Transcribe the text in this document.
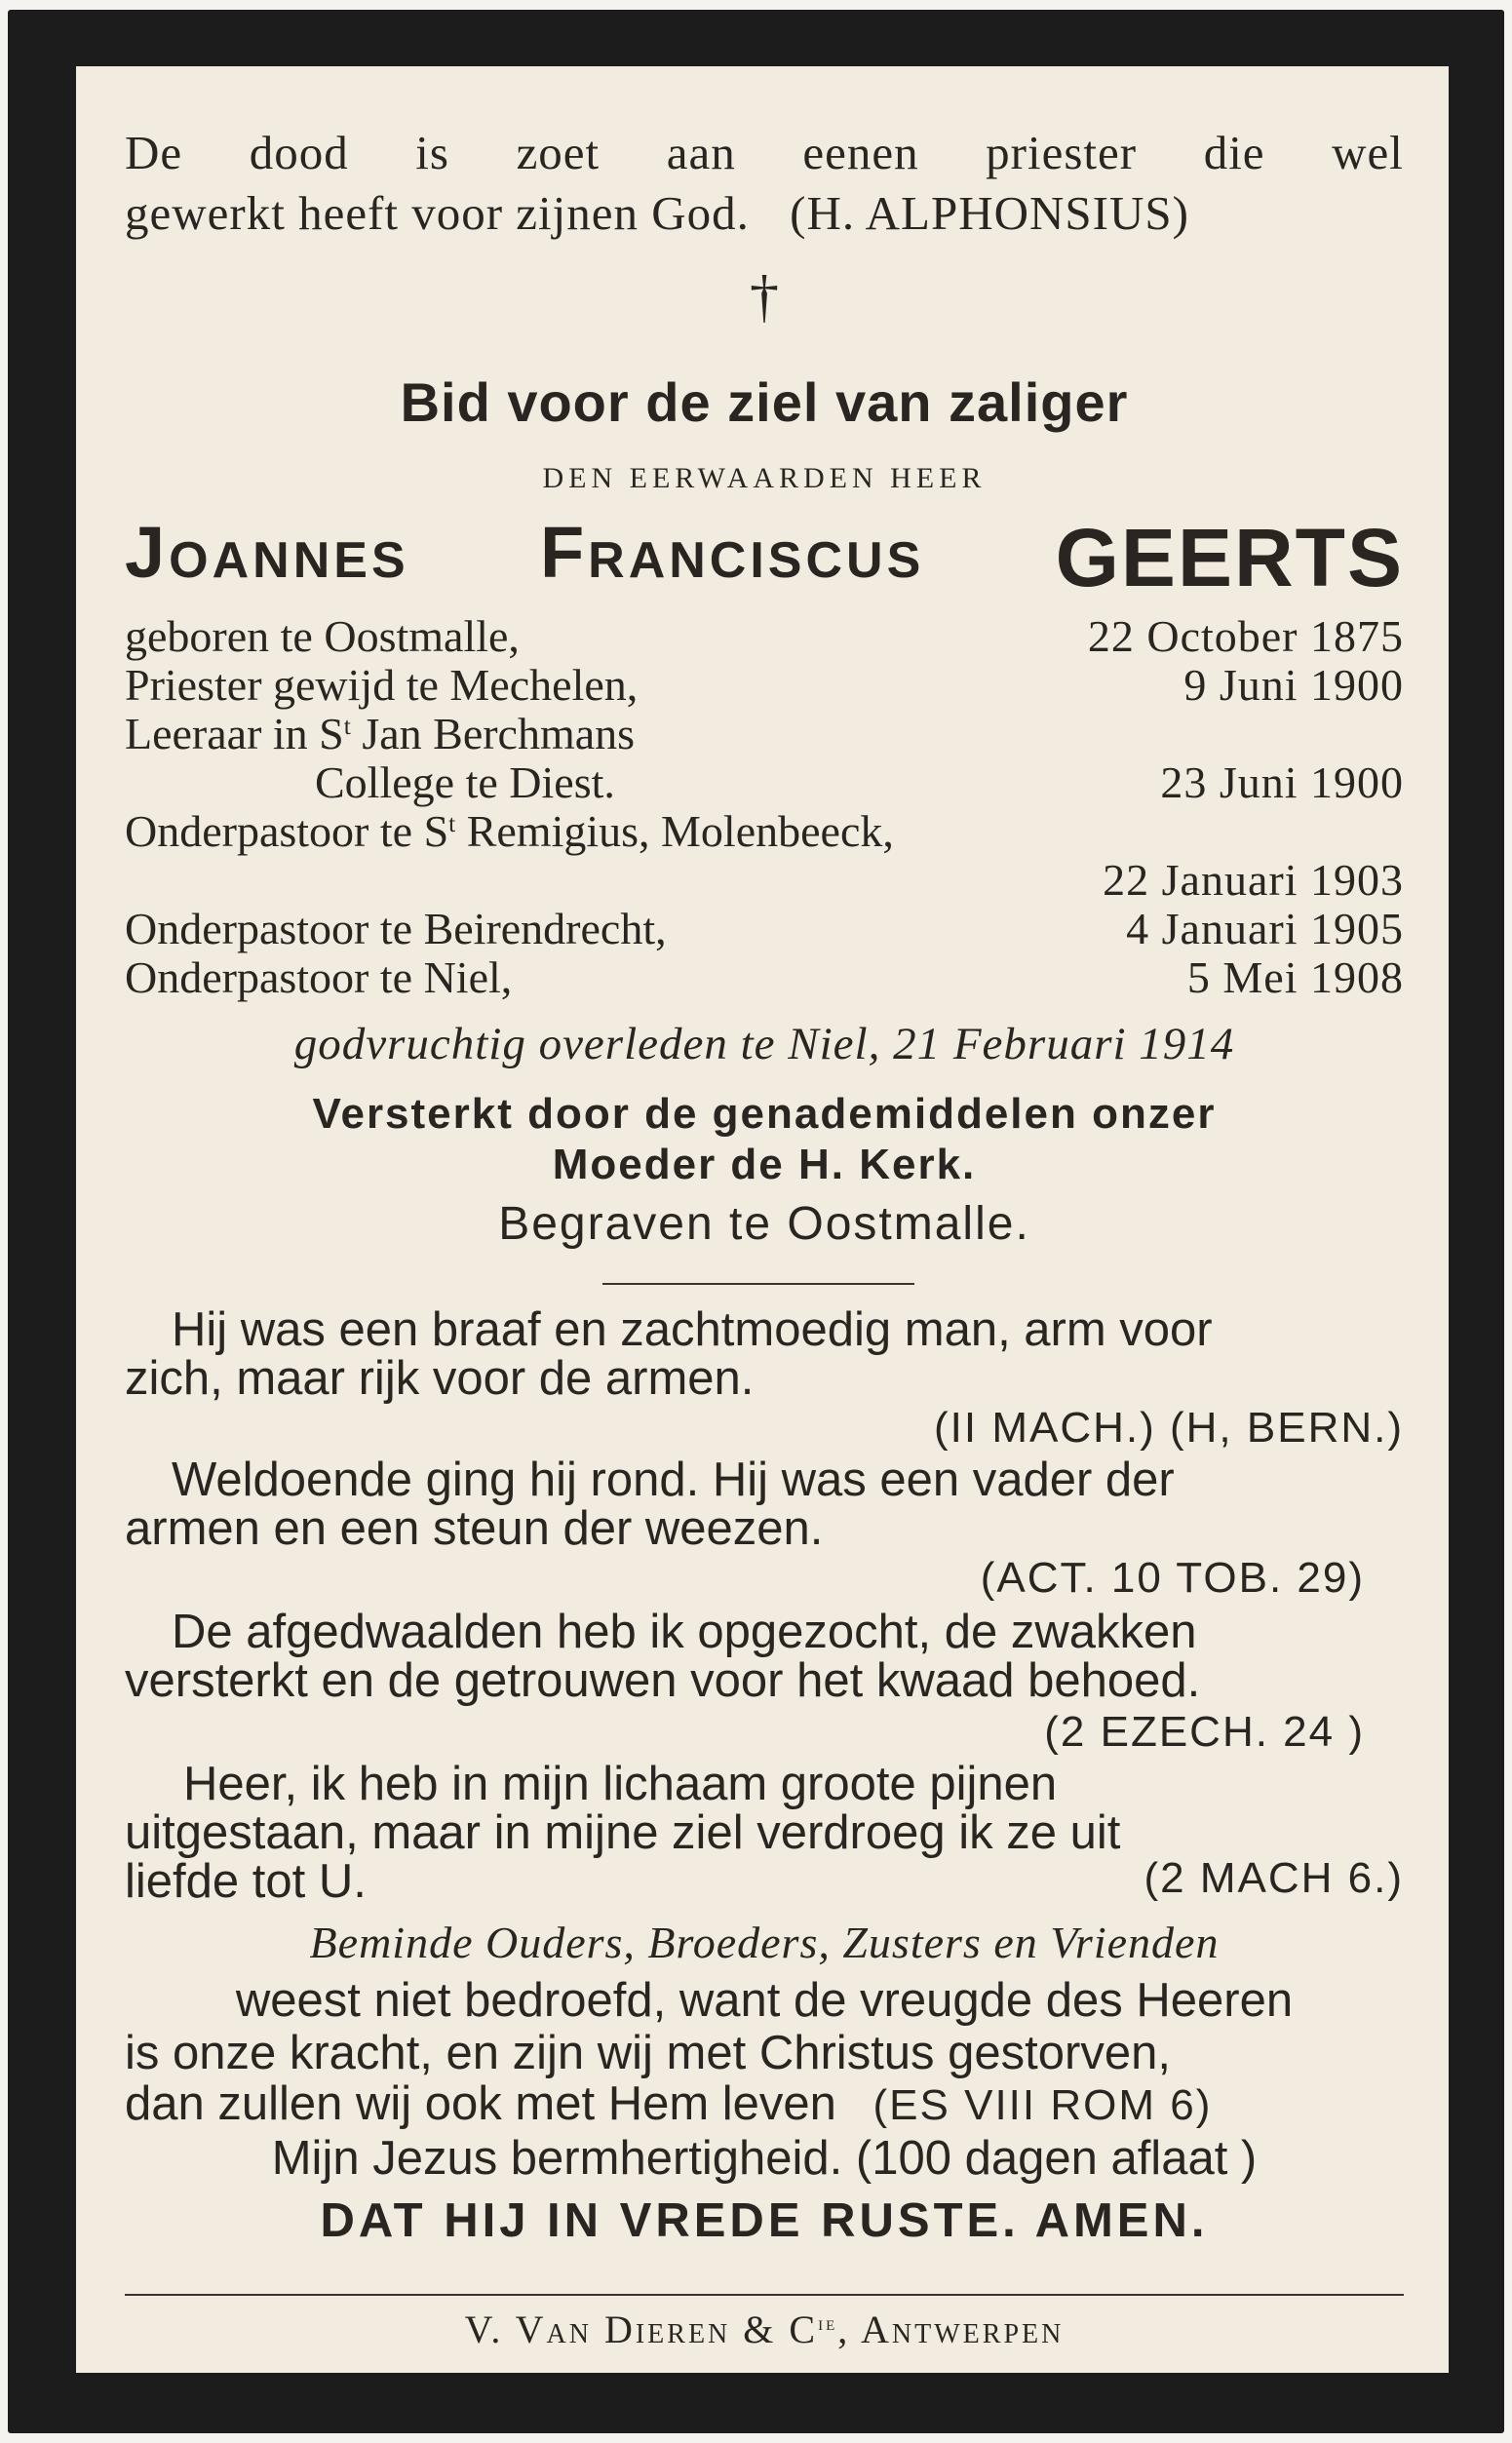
De dood is zoet aan eenen priester die wel
gewerkt heeft voor zijnen God. (H. ALPHONSIUS)
†
Bid voor de ziel van zaliger
DEN EERWAARDEN HEER
Joannes Franciscus GEERTS
geboren te Oostmalle,	22 October 1875
Priester gewijd te Mechelen,	9 Juni 1900
Leeraar in $S^t$ Jan Berchmans
College te Diest.	23 Juni 1900
Onderpastoor te $S^t$ Remigius, Molenbeeck,
22 Januari 1903
Onderpastoor te Beirendrecht,	4 Januari 1905
Onderpastoor te Niel,	5 Mei 1908
godvruchtig overleden te Niel, 21 Februari 1914
Versterkt door de genademiddelen onzer
Moeder de H. Kerk.
Begraven te Oostmalle.
Hij was een braaf en zachtmoedig man, arm voor
zich, maar rijk voor de armen.
(II MACH.) (H, BERN.)
Weldoende ging hij rond. Hij was een vader der
armen en een steun der weezen.
(ACT. 10 TOB. 29)
De afgedwaalden heb ik opgezocht, de zwakken
versterkt en de getrouwen voor het kwaad behoed.
(2 EZECH. 24 )
Heer, ik heb in mijn lichaam groote pijnen
uitgestaan, maar in mijne ziel verdroeg ik ze uit
liefde tot U.	(2 MACH 6.)
Beminde Ouders, Broeders, Zusters en Vrienden
weest niet bedroefd, want de vreugde des Heeren
is onze kracht, en zijn wij met Christus gestorven,
dan zullen wij ook met Hem leven (ES VIII ROM 6)
Mijn Jezus bermhertigheid. (100 dagen aflaat )
DAT HIJ IN VREDE RUSTE. AMEN.
V. Van Dieren & $C^{ie}$, Antwerpen
